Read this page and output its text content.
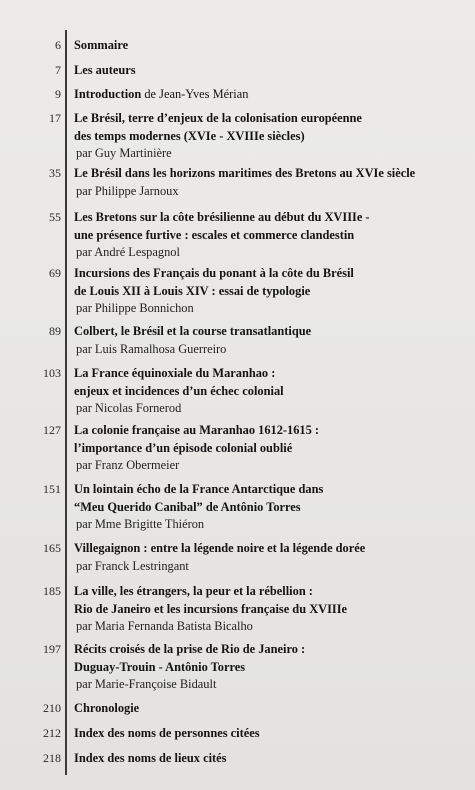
6 Sommaire
7 Les auteurs
9 Introduction de Jean-Yves Mérian
17 Le Brésil, terre d’enjeux de la colonisation européenne
des temps modernes (XVIe - XVIIIe siècles)
par Guy Martinière
35 Le Brésil dans les horizons maritimes des Bretons au XVIe siècle
par Philippe Jarnoux
55 Les Bretons sur la côte brésilienne au début du XVIIIe -
une présence furtive : escales et commerce clandestin
par André Lespagnol
69 Incursions des Français du ponant à la côte du Brésil
de Louis XII à Louis XIV : essai de typologie
par Philippe Bonnichon
89 Colbert, le Brésil et la course transatlantique
par Luis Ramalhosa Guerreiro
103 La France équinoxiale du Maranhao :
enjeux et incidences d’un échec colonial
par Nicolas Fornerod
127 La colonie française au Maranhao 1612-1615 :
l’importance d’un épisode colonial oublié
par Franz Obermeier
151 Un lointain écho de la France Antarctique dans
“Meu Querido Canibal” de Antônio Torres
par Mme Brigitte Thiéron
165 Villegaignon : entre la légende noire et la légende dorée
par Franck Lestringant
185 La ville, les étrangers, la peur et la rébellion :
Rio de Janeiro et les incursions française du XVIIIe
par Maria Fernanda Batista Bicalho
197 Récits croisés de la prise de Rio de Janeiro :
Duguay-Trouin - Antônio Torres
par Marie-Françoise Bidault
210 Chronologie
212 Index des noms de personnes citées
218 Index des noms de lieux cités
